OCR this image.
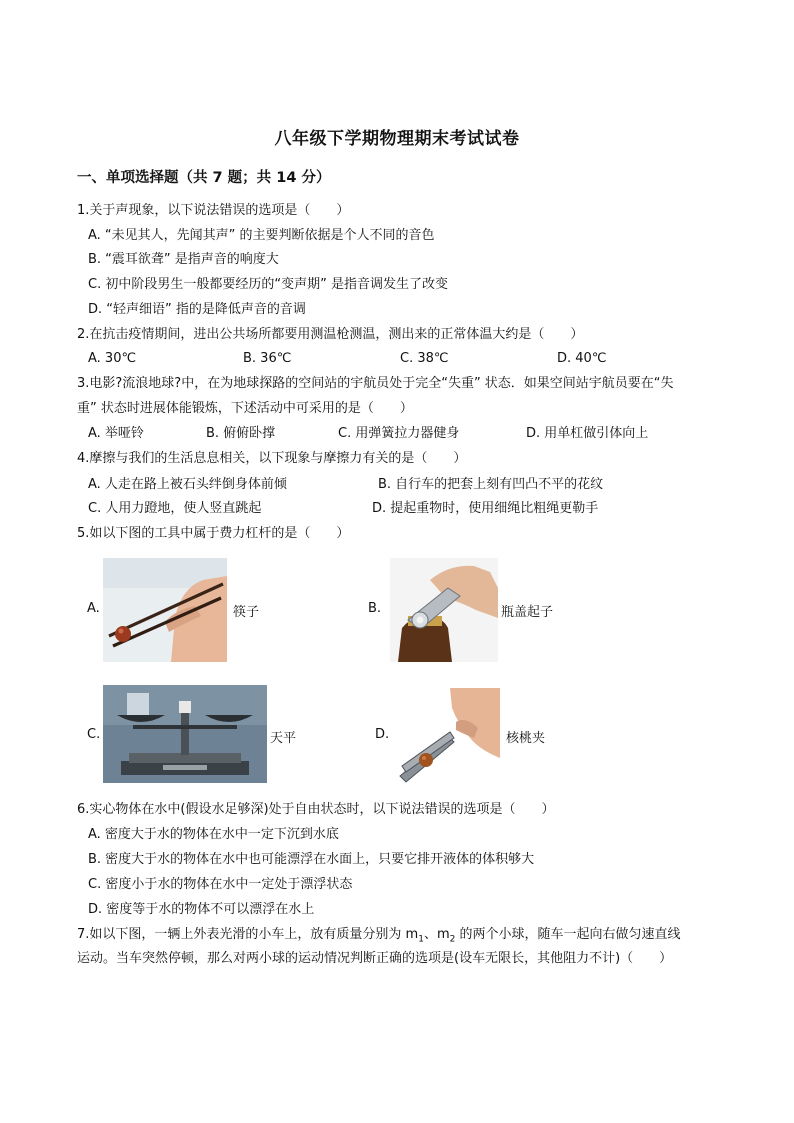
八年级下学期物理期末考试试卷
一、单项选择题（共 7 题；共 14 分）
1.关于声现象，以下说法错误的选项是（　　）
A. “未见其人，先闻其声” 的主要判断依据是个人不同的音色
B. “震耳欲聋” 是指声音的响度大
C. 初中阶段男生一般都要经历的“变声期” 是指音调发生了改变
D. “轻声细语” 指的是降低声音的音调
2.在抗击疫情期间，进出公共场所都要用测温枪测温，测出来的正常体温大约是（　　）
A. 30℃	B. 36℃	C. 38℃	D. 40℃
3.电影?流浪地球?中，在为地球探路的空间站的宇航员处于完全“失重” 状态．如果空间站宇航员要在“失
重” 状态时进展体能锻炼，下述活动中可采用的是（　　）
A. 举哑铃	B. 俯俯卧撑	C. 用弹簧拉力器健身	D. 用单杠做引体向上
4.摩擦与我们的生活息息相关，以下现象与摩擦力有关的是（　　）
A. 人走在路上被石头绊倒身体前倾	B. 自行车的把套上刻有凹凸不平的花纹
C. 人用力蹬地，使人竖直跳起	D. 提起重物时，使用细绳比粗绳更勒手
5.如以下图的工具中属于费力杠杆的是（　　）
A.	筷子	B.	瓶盖起子
C.	天平	D.	核桃夹
6.实心物体在水中(假设水足够深)处于自由状态时，以下说法错误的选项是（　　）
A. 密度大于水的物体在水中一定下沉到水底
B. 密度大于水的物体在水中也可能漂浮在水面上，只要它排开液体的体积够大
C. 密度小于水的物体在水中一定处于漂浮状态
D. 密度等于水的物体不可以漂浮在水上
7.如以下图，一辆上外表光滑的小车上，放有质量分别为 $m_1$、$m_2$ 的两个小球，随车一起向右做匀速直线
运动。当车突然停顿，那么对两小球的运动情况判断正确的选项是(设车无限长，其他阻力不计)（　　）
